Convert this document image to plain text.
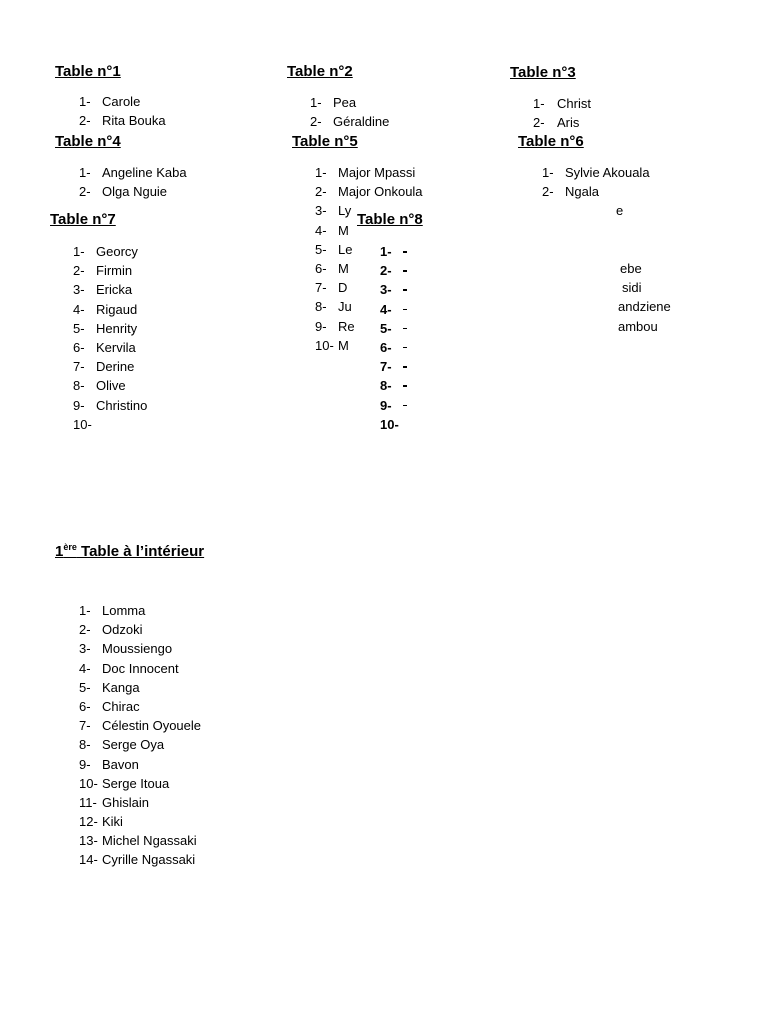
Table n°1
1- Carole
2- Rita Bouka
Table n°2
1- Pea
2- Géraldine
Table n°3
1- Christ
2- Aris
Table n°4
1- Angeline Kaba
2- Olga Nguie
Table n°5
1- Major Mpassi
2- Major Onkoula
3- Ly
4- M
5- Le
6- M
7- D
8- Ju
9- Re
10- M
Table n°6
1- Sylvie Akouala
2- Ngala
e
ebe
sidi
andziene
ambou
Table n°7
1- Georcy
2- Firmin
3- Ericka
4- Rigaud
5- Henrity
6- Kervila
7- Derine
8- Olive
9- Christino
10-
Table n°8
1-
2-
3-
4-
5-
6-
7-
8-
9-
10-
1ère Table à l’intérieur
1- Lomma
2- Odzoki
3- Moussiengo
4- Doc Innocent
5- Kanga
6- Chirac
7- Célestin Oyouele
8- Serge Oya
9- Bavon
10- Serge Itoua
11- Ghislain
12- Kiki
13- Michel Ngassaki
14- Cyrille Ngassaki
